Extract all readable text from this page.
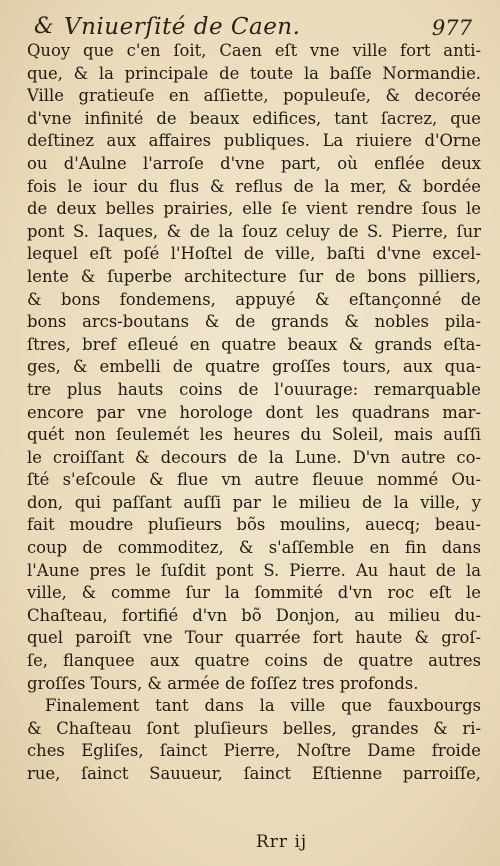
& Vniuerſité de Caen.	977
Quoy que c'en ſoit, Caen eſt vne ville fort anti-
que, & la principale de toute la baſſe Normandie.
Ville gratieuſe en aſſiette, populeuſe, & decorée
d'vne infinité de beaux edifices, tant ſacrez, que
deſtinez aux affaires publiques. La riuiere d'Orne
ou d'Aulne l'arroſe d'vne part, où enflée deux
fois le iour du flus & reflus de la mer, & bordée
de deux belles prairies, elle ſe vient rendre ſous le
pont S. Iaques, & de la ſouz celuy de S. Pierre, ſur
lequel eſt poſé l'Hoſtel de ville, baſti d'vne excel-
lente & ſuperbe architecture ſur de bons pilliers,
& bons fondemens, appuyé & eſtançonné de
bons arcs-boutans & de grands & nobles pila-
ſtres, bref eſleué en quatre beaux & grands eſta-
ges, & embelli de quatre groſſes tours, aux qua-
tre plus hauts coins de l'ouurage: remarquable
encore par vne horologe dont les quadrans mar-
quét non ſeulemét les heures du Soleil, mais auſſi
le croiſſant & decours de la Lune. D'vn autre co-
ſté s'eſcoule & flue vn autre fleuue nommé Ou-
don, qui paſſant auſſi par le milieu de la ville, y
fait moudre pluſieurs bõs moulins, auecq; beau-
coup de commoditez, & s'aſſemble en fin dans
l'Aune pres le ſuſdit pont S. Pierre. Au haut de la
ville, & comme ſur la ſommité d'vn roc eſt le
Chaſteau, fortifié d'vn bõ Donjon, au milieu du-
quel paroiſt vne Tour quarrée fort haute & groſ-
ſe, flanquee aux quatre coins de quatre autres
groſſes Tours, & armée de foſſez tres profonds.
Finalement tant dans la ville que fauxbourgs
& Chaſteau ſont pluſieurs belles, grandes & ri-
ches Egliſes, ſainct Pierre, Noſtre Dame froide
rue, ſainct Sauueur, ſainct Eſtienne parroiſſe,
Rrr ij
